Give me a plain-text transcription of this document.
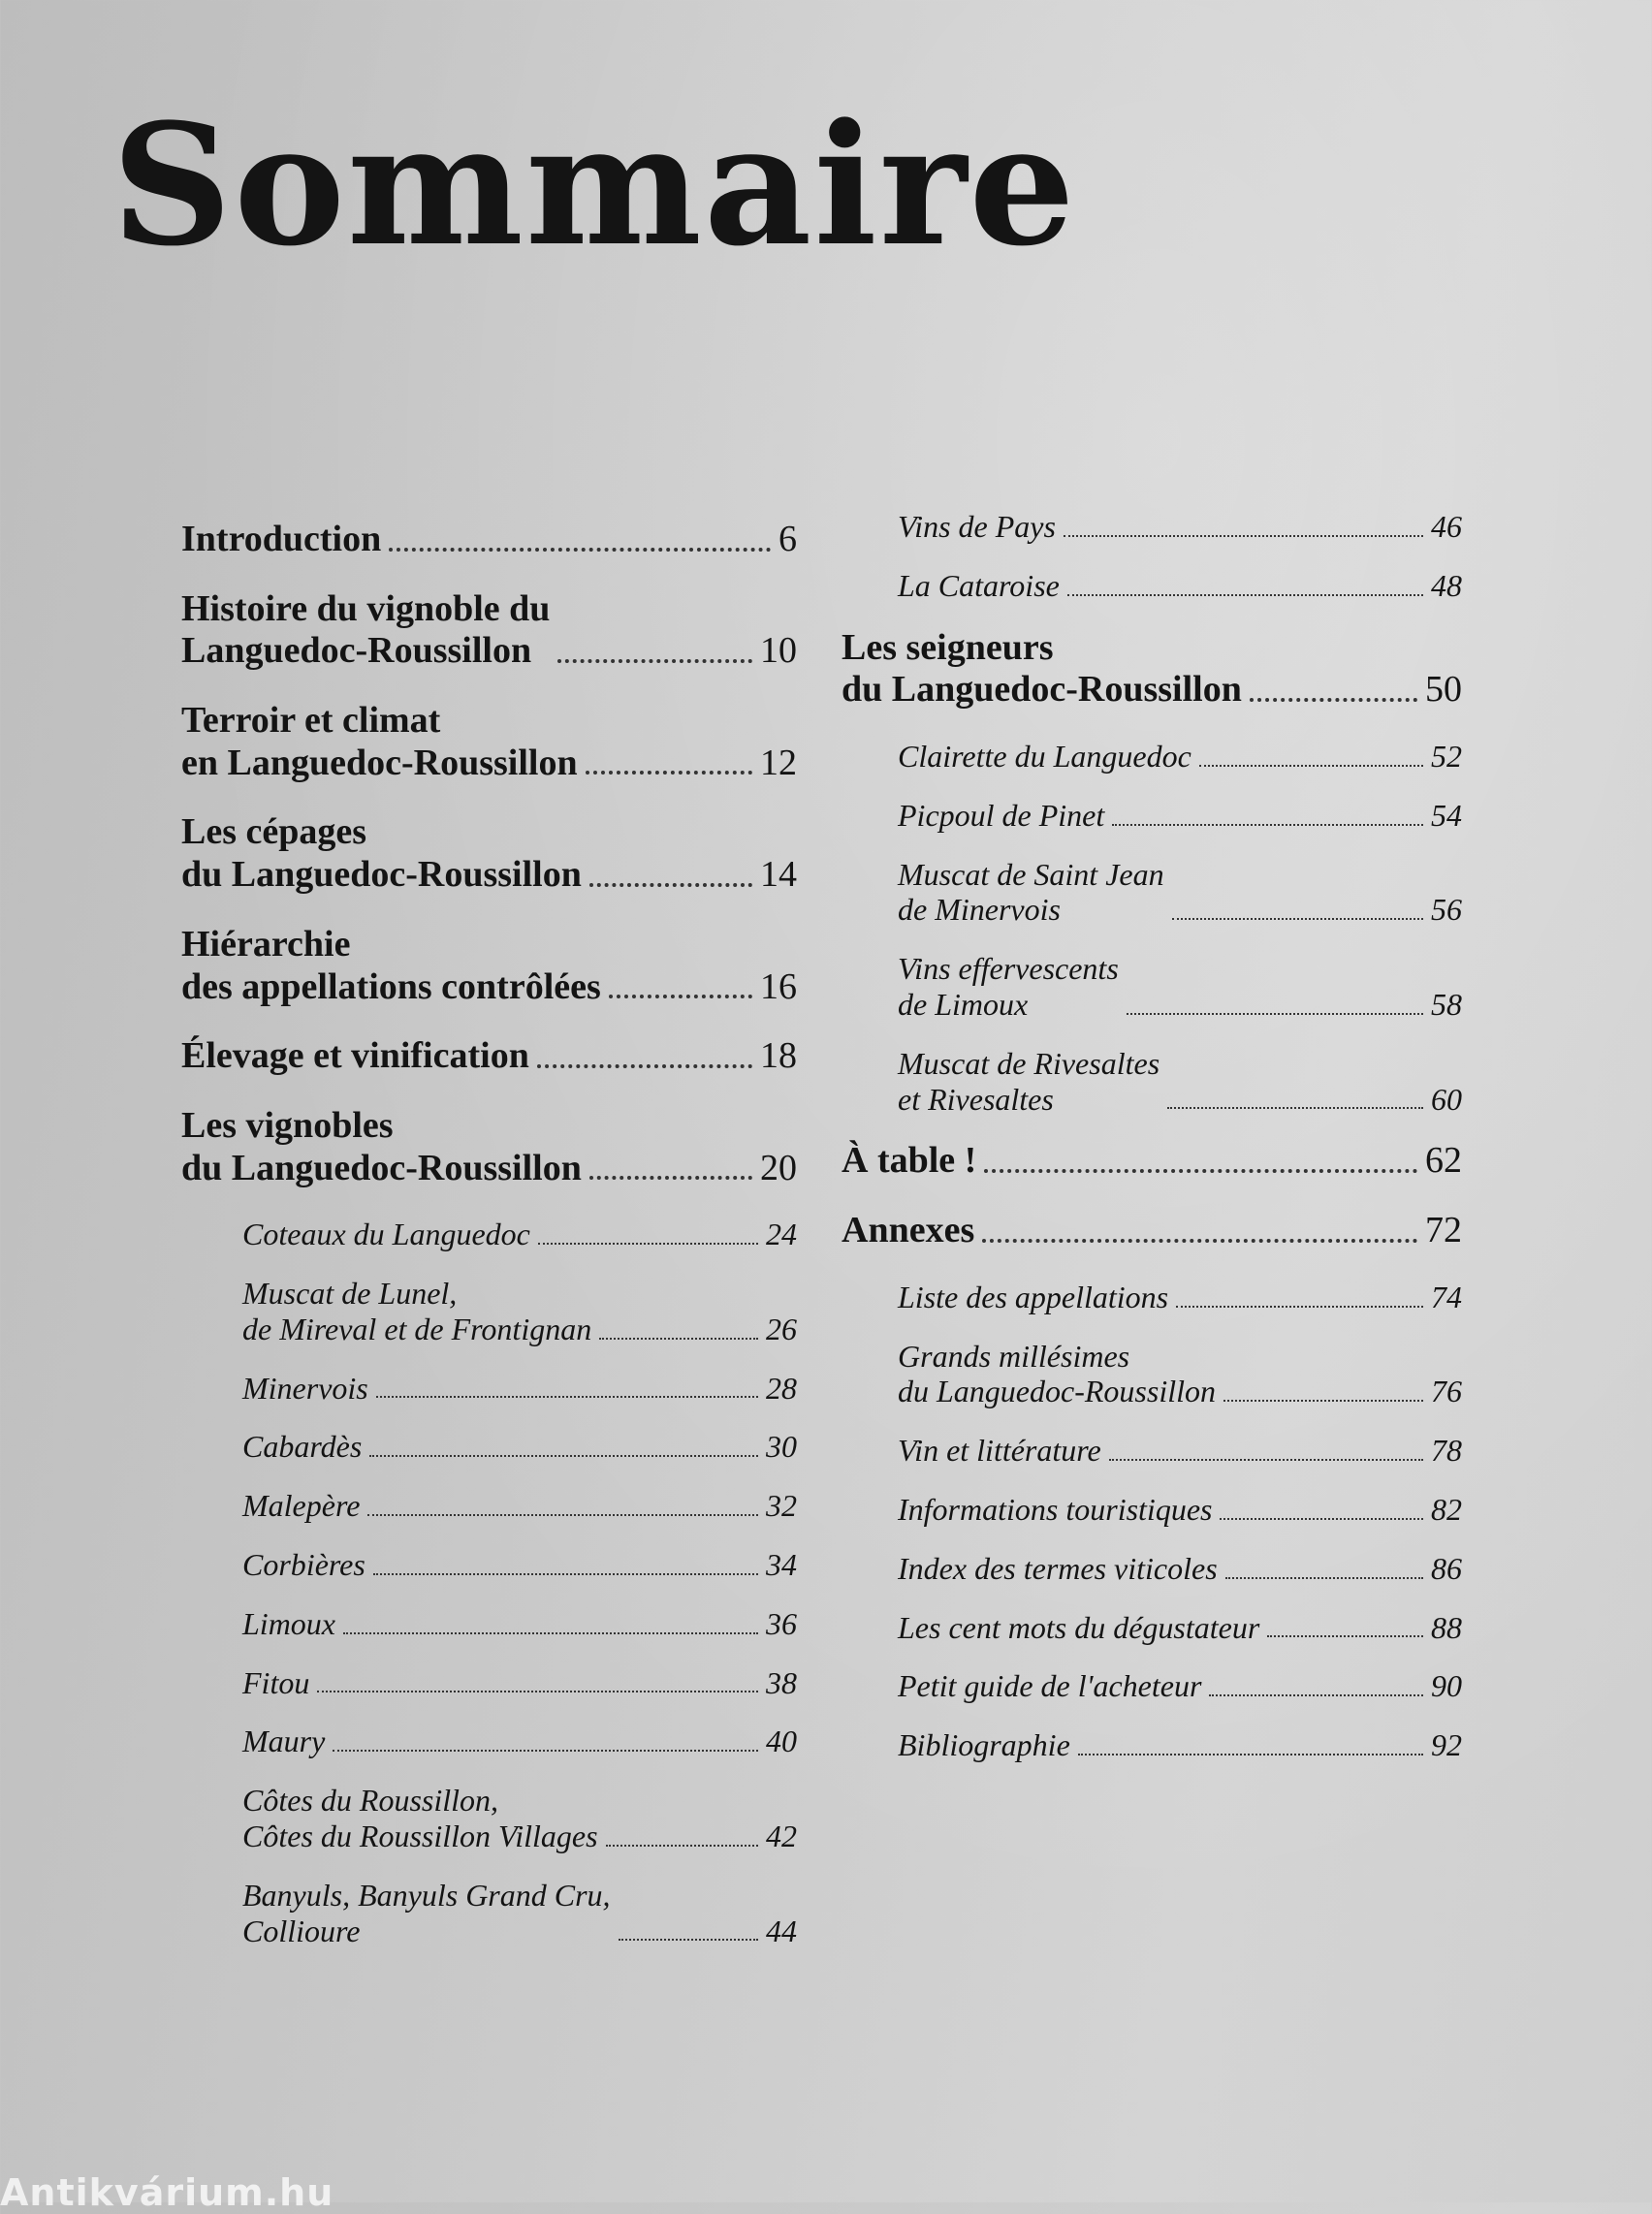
Sommaire
Introduction	6
Histoire du vignoble du
Languedoc-Roussillon	10
Terroir et climat
en Languedoc-Roussillon	12
Les cépages
du Languedoc-Roussillon	14
Hiérarchie
des appellations contrôlées	16
Élevage et vinification	18
Les vignobles
du Languedoc-Roussillon	20
Coteaux du Languedoc	24
Muscat de Lunel,
de Mireval et de Frontignan	26
Minervois	28
Cabardès	30
Malepère	32
Corbières	34
Limoux	36
Fitou	38
Maury	40
Côtes du Roussillon,
Côtes du Roussillon Villages	42
Banyuls, Banyuls Grand Cru,
Collioure	44
Vins de Pays	46
La Cataroise	48
Les seigneurs
du Languedoc-Roussillon	50
Clairette du Languedoc	52
Picpoul de Pinet	54
Muscat de Saint Jean
de Minervois	56
Vins effervescents
de Limoux	58
Muscat de Rivesaltes
et Rivesaltes	60
À table !	62
Annexes	72
Liste des appellations	74
Grands millésimes
du Languedoc-Roussillon	76
Vin et littérature	78
Informations touristiques	82
Index des termes viticoles	86
Les cent mots du dégustateur	88
Petit guide de l'acheteur	90
Bibliographie	92
Antikvárium.hu
